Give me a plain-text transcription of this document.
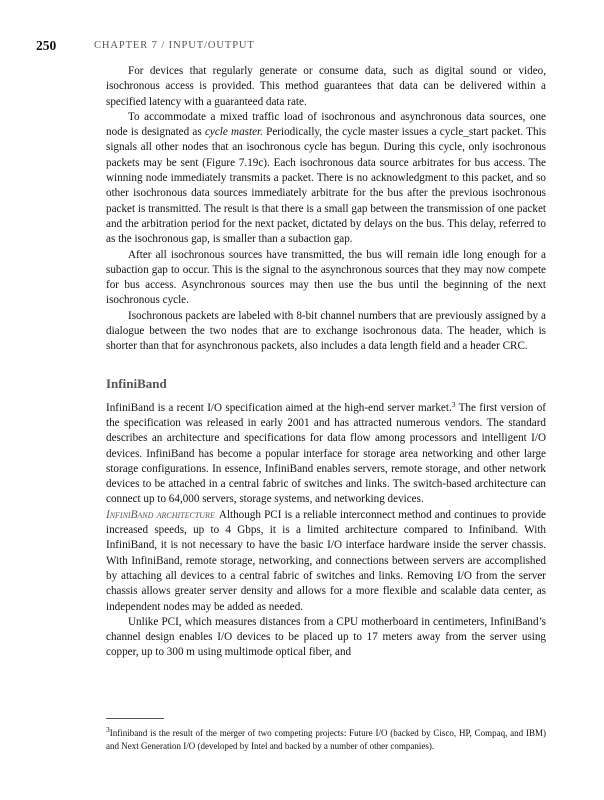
250	CHAPTER 7 / INPUT/OUTPUT

For devices that regularly generate or consume data, such as digital sound or video, isochronous access is provided. This method guarantees that data can be delivered within a specified latency with a guaranteed data rate.

To accommodate a mixed traffic load of isochronous and asynchronous data sources, one node is designated as cycle master. Periodically, the cycle master issues a cycle_start packet. This signals all other nodes that an isochronous cycle has begun. During this cycle, only isochronous packets may be sent (Figure 7.19c). Each isochronous data source arbitrates for bus access. The winning node immediately transmits a packet. There is no acknowledgment to this packet, and so other isochronous data sources immediately arbitrate for the bus after the previous isochronous packet is transmitted. The result is that there is a small gap between the transmission of one packet and the arbitration period for the next packet, dictated by delays on the bus. This delay, referred to as the isochronous gap, is smaller than a subaction gap.

After all isochronous sources have transmitted, the bus will remain idle long enough for a subaction gap to occur. This is the signal to the asynchronous sources that they may now compete for bus access. Asynchronous sources may then use the bus until the beginning of the next isochronous cycle.

Isochronous packets are labeled with 8-bit channel numbers that are previously assigned by a dialogue between the two nodes that are to exchange isochronous data. The header, which is shorter than that for asynchronous packets, also includes a data length field and a header CRC.

InfiniBand

InfiniBand is a recent I/O specification aimed at the high-end server market.$^3$ The first version of the specification was released in early 2001 and has attracted numerous vendors. The standard describes an architecture and specifications for data flow among processors and intelligent I/O devices. InfiniBand has become a popular interface for storage area networking and other large storage configurations. In essence, InfiniBand enables servers, remote storage, and other network devices to be attached in a central fabric of switches and links. The switch-based architecture can connect up to 64,000 servers, storage systems, and networking devices.

InfiniBand architecture Although PCI is a reliable interconnect method and continues to provide increased speeds, up to 4 Gbps, it is a limited architecture compared to Infiniband. With InfiniBand, it is not necessary to have the basic I/O interface hardware inside the server chassis. With InfiniBand, remote storage, networking, and connections between servers are accomplished by attaching all devices to a central fabric of switches and links. Removing I/O from the server chassis allows greater server density and allows for a more flexible and scalable data center, as independent nodes may be added as needed.

Unlike PCI, which measures distances from a CPU motherboard in centimeters, InfiniBand’s channel design enables I/O devices to be placed up to 17 meters away from the server using copper, up to 300 m using multimode optical fiber, and

$^3$Infiniband is the result of the merger of two competing projects: Future I/O (backed by Cisco, HP, Compaq, and IBM) and Next Generation I/O (developed by Intel and backed by a number of other companies).
